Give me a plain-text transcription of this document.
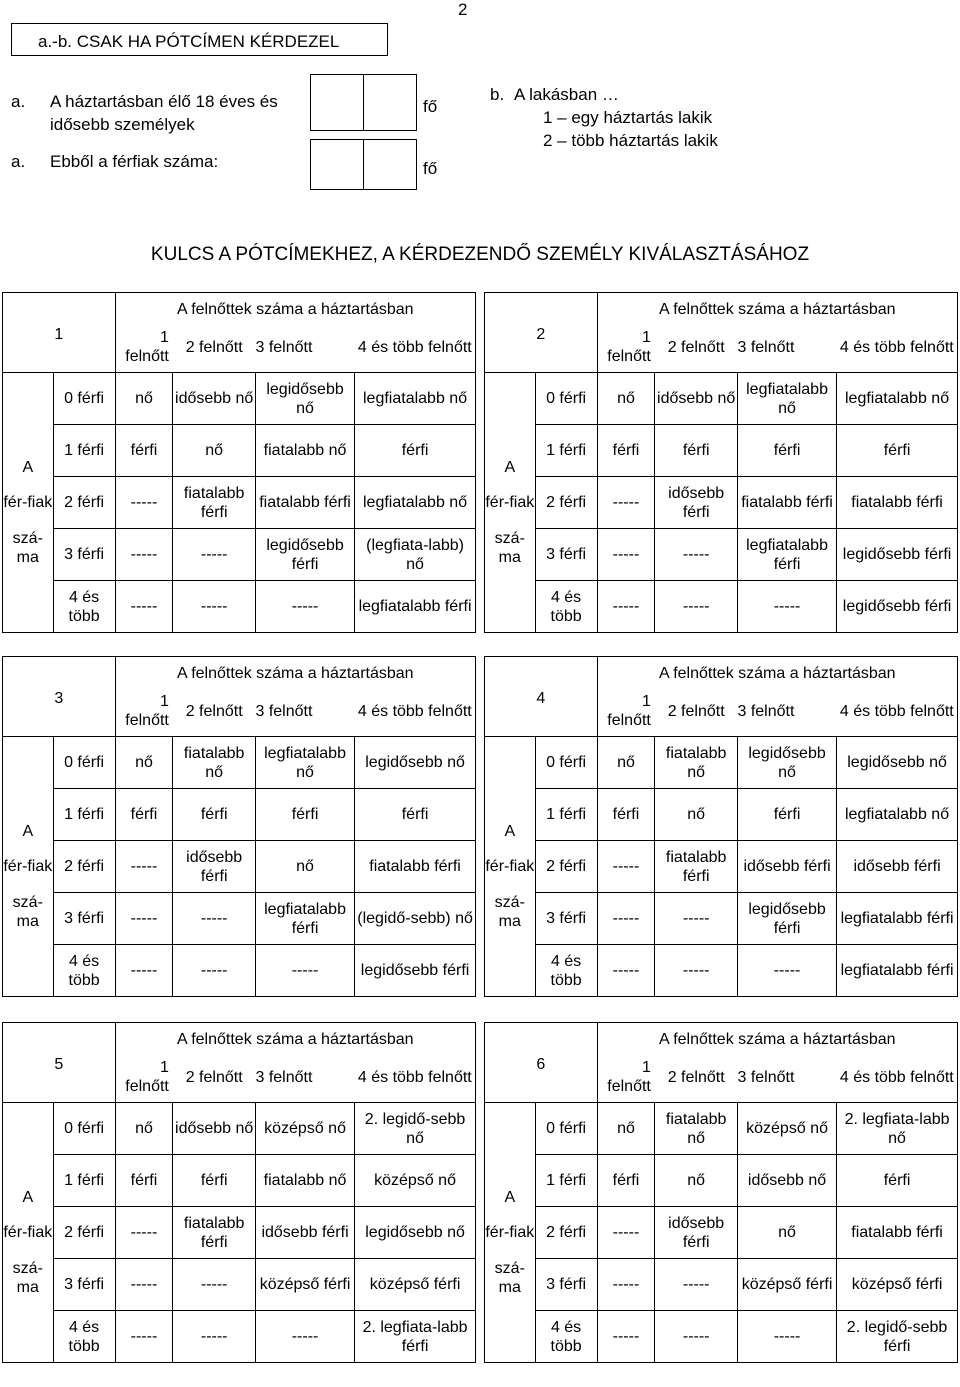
2
a.-b. CSAK HA PÓTCÍMEN KÉRDEZEL
a. A háztartásban élő 18 éves és idősebb személyek
fő
a. Ebből a férfiak száma:	fő
b. A lakásban …
1 – egy háztartás lakik
2 – több háztartás lakik
KULCS A PÓTCÍMEKHEZ, A KÉRDEZENDŐ SZEMÉLY KIVÁLASZTÁSÁHOZ
1		A felnőttek száma a háztartásban			
		1 felnőtt	2 felnőtt	3 felnőtt	4 és több felnőtt
	0 férfi	nő	idősebb nő	legidősebb nő	legfiatalabb nő
A	1 férfi	férfi	nő	fiatalabb nő	férfi
fér-fiak	2 férfi	-----	fiatalabb férfi	fiatalabb férfi	legfiatalabb nő
szá-ma	3 férfi	-----	-----	legidősebb férfi	(legfiata-labb) nő
	4 és több	-----	-----	-----	legfiatalabb férfi
2		A felnőttek száma a háztartásban			
		1 felnőtt	2 felnőtt	3 felnőtt	4 és több felnőtt
	0 férfi	nő	idősebb nő	legfiatalabb nő	legfiatalabb nő
A	1 férfi	férfi	férfi	férfi	férfi
fér-fiak	2 férfi	-----	idősebb férfi	fiatalabb férfi	fiatalabb férfi
szá-ma	3 férfi	-----	-----	legfiatalabb férfi	legidősebb férfi
	4 és több	-----	-----	-----	legidősebb férfi
3		A felnőttek száma a háztartásban			
		1 felnőtt	2 felnőtt	3 felnőtt	4 és több felnőtt
	0 férfi	nő	fiatalabb nő	legfiatalabb nő	legidősebb nő
A	1 férfi	férfi	férfi	férfi	férfi
fér-fiak	2 férfi	-----	idősebb férfi	nő	fiatalabb férfi
szá-ma	3 férfi	-----	-----	legfiatalabb férfi	(legidő-sebb) nő
	4 és több	-----	-----	-----	legidősebb férfi
4		A felnőttek száma a háztartásban			
		1 felnőtt	2 felnőtt	3 felnőtt	4 és több felnőtt
	0 férfi	nő	fiatalabb nő	legidősebb nő	legidősebb nő
A	1 férfi	férfi	nő	férfi	legfiatalabb nő
fér-fiak	2 férfi	-----	fiatalabb férfi	idősebb férfi	idősebb férfi
szá-ma	3 férfi	-----	-----	legidősebb férfi	legfiatalabb férfi
	4 és több	-----	-----	-----	legfiatalabb férfi
5		A felnőttek száma a háztartásban			
		1 felnőtt	2 felnőtt	3 felnőtt	4 és több felnőtt
	0 férfi	nő	idősebb nő	középső nő	2. legidő-sebb nő
A	1 férfi	férfi	férfi	fiatalabb nő	középső nő
fér-fiak	2 férfi	-----	fiatalabb férfi	idősebb férfi	legidősebb nő
szá-ma	3 férfi	-----	-----	középső férfi	középső férfi
	4 és több	-----	-----	-----	2. legfiata-labb férfi
6		A felnőttek száma a háztartásban			
		1 felnőtt	2 felnőtt	3 felnőtt	4 és több felnőtt
	0 férfi	nő	fiatalabb nő	középső nő	2. legfiata-labb nő
A	1 férfi	férfi	nő	idősebb nő	férfi
fér-fiak	2 férfi	-----	idősebb férfi	nő	fiatalabb férfi
szá-ma	3 férfi	-----	-----	középső férfi	középső férfi
	4 és több	-----	-----	-----	2. legidő-sebb férfi
